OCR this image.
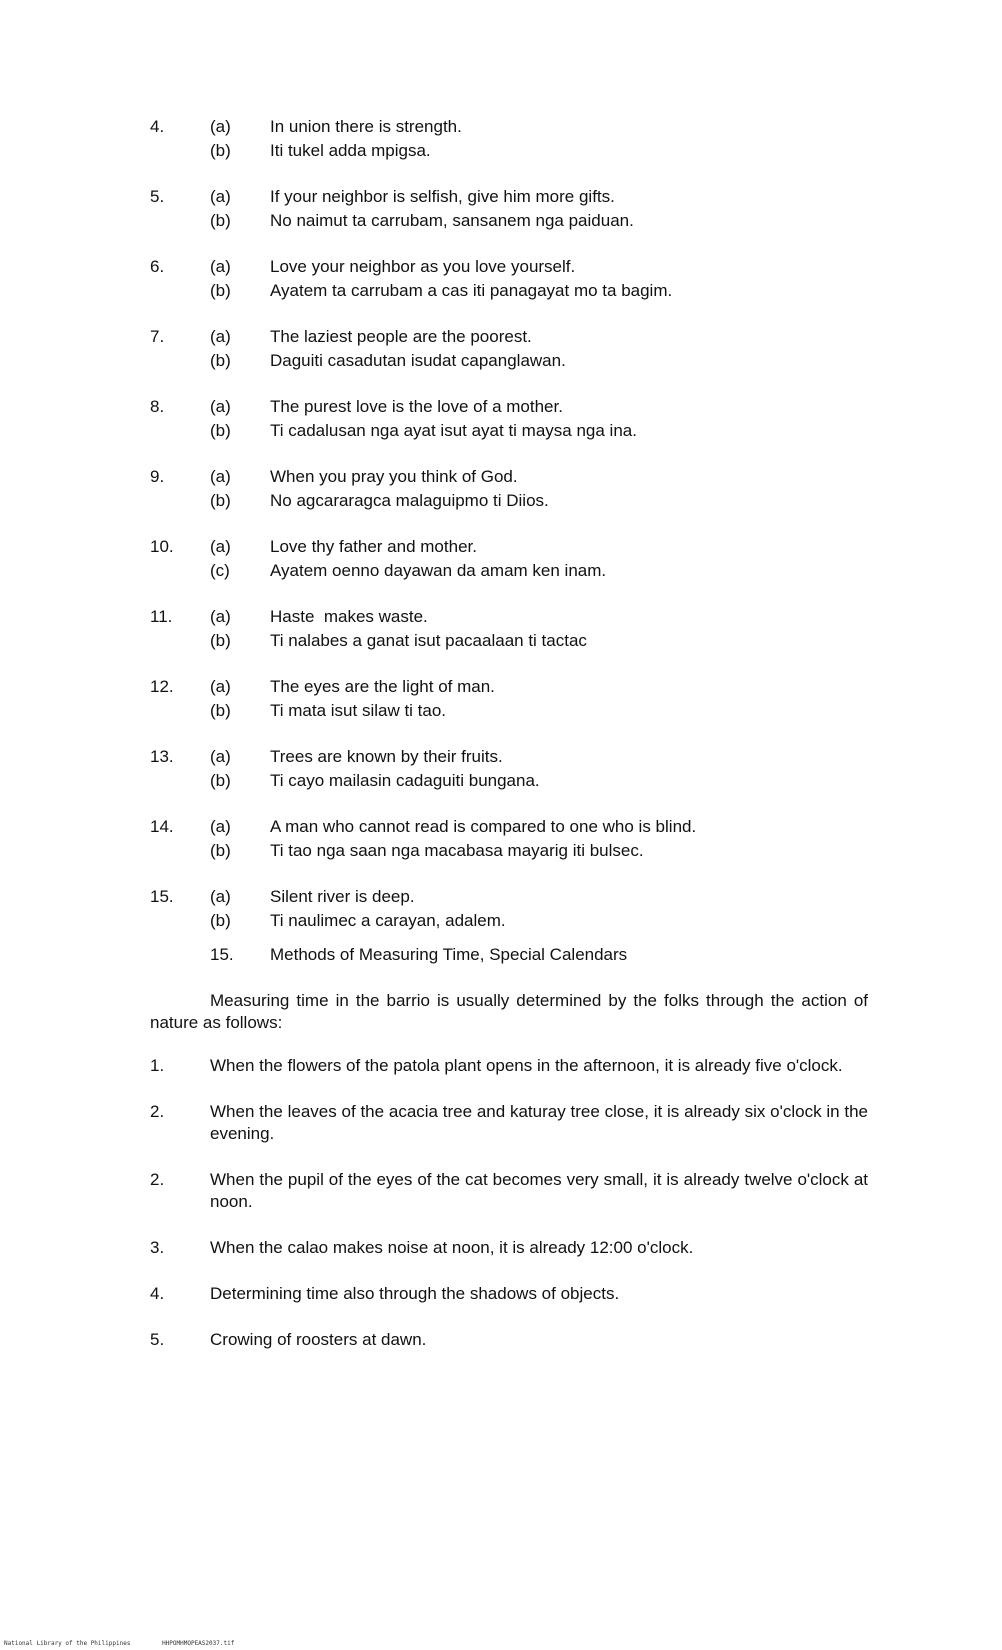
4.	(a)	In union there is strength.
(b)	Iti tukel adda mpigsa.
5.	(a)	If your neighbor is selfish, give him more gifts.
(b)	No naimut ta carrubam, sansanem nga paiduan.
6.	(a)	Love your neighbor as you love yourself.
(b)	Ayatem ta carrubam a cas iti panagayat mo ta bagim.
7.	(a)	The laziest people are the poorest.
(b)	Daguiti casadutan isudat capanglawan.
8.	(a)	The purest love is the love of a mother.
(b)	Ti cadalusan nga ayat isut ayat ti maysa nga ina.
9.	(a)	When you pray you think of God.
(b)	No agcararagca malaguipmo ti Diios.
10.	(a)	Love thy father and mother.
(c)	Ayatem oenno dayawan da amam ken inam.
11.	(a)	Haste  makes waste.
(b)	Ti nalabes a ganat isut pacaalaan ti tactac
12.	(a)	The eyes are the light of man.
(b)	Ti mata isut silaw ti tao.
13.	(a)	Trees are known by their fruits.
(b)	Ti cayo mailasin cadaguiti bungana.
14.	(a)	A man who cannot read is compared to one who is blind.
(b)	Ti tao nga saan nga macabasa mayarig iti bulsec.
15.	(a)	Silent river is deep.
(b)	Ti naulimec a carayan, adalem.
15.	Methods of Measuring Time, Special Calendars

Measuring time in the barrio is usually determined by the folks through the action of nature as follows:

1.	When the flowers of the patola plant opens in the afternoon, it is already five o'clock.
2.	When the leaves of the acacia tree and katuray tree close, it is already six o'clock in the evening.
2.	When the pupil of the eyes of the cat becomes very small, it is already twelve o'clock at noon.
3.	When the calao makes noise at noon, it is already 12:00 o'clock.
4.	Determining time also through the shadows of objects.
5.	Crowing of roosters at dawn.
National Library of the Philippines	HHPOMHMOPEAS2037.tif
